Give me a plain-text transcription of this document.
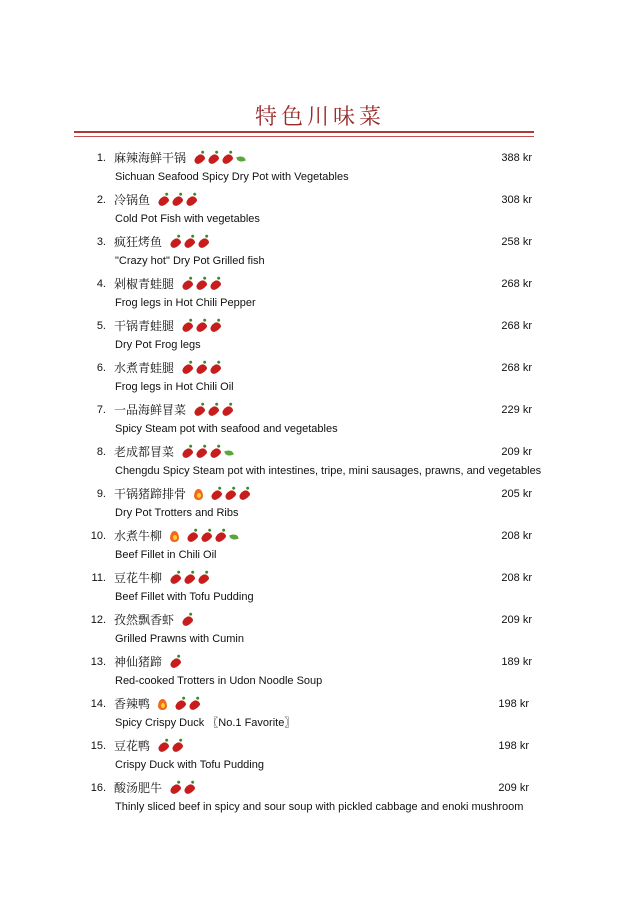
特色川味菜
1. 麻辣海鲜干锅	388 kr
Sichuan Seafood Spicy Dry Pot with Vegetables
2. 冷锅鱼	308 kr
Cold Pot Fish with vegetables
3. 疯狂烤鱼	258 kr
"Crazy hot" Dry Pot Grilled fish
4. 剁椒青蛙腿	268 kr
Frog legs in Hot Chili Pepper
5. 干锅青蛙腿	268 kr
Dry Pot Frog legs
6. 水煮青蛙腿	268 kr
Frog legs in Hot Chili Oil
7. 一品海鲜冒菜	229 kr
Spicy Steam pot with seafood and vegetables
8. 老成都冒菜	209 kr
Chengdu Spicy Steam pot with intestines, tripe, mini sausages, prawns, and vegetables
9. 干锅猪蹄排骨	205 kr
Dry Pot Trotters and Ribs
10. 水煮牛柳	208 kr
Beef Fillet in Chili Oil
11. 豆花牛柳	208 kr
Beef Fillet with Tofu Pudding
12. 孜然飘香虾	209 kr
Grilled Prawns with Cumin
13. 神仙猪蹄	189 kr
Red-cooked Trotters in Udon Noodle Soup
14. 香辣鸭	198 kr
Spicy Crispy Duck 〖No.1 Favorite〗
15. 豆花鸭	198 kr
Crispy Duck with Tofu Pudding
16. 酸汤肥牛	209 kr
Thinly sliced beef in spicy and sour soup with pickled cabbage and enoki mushroom
